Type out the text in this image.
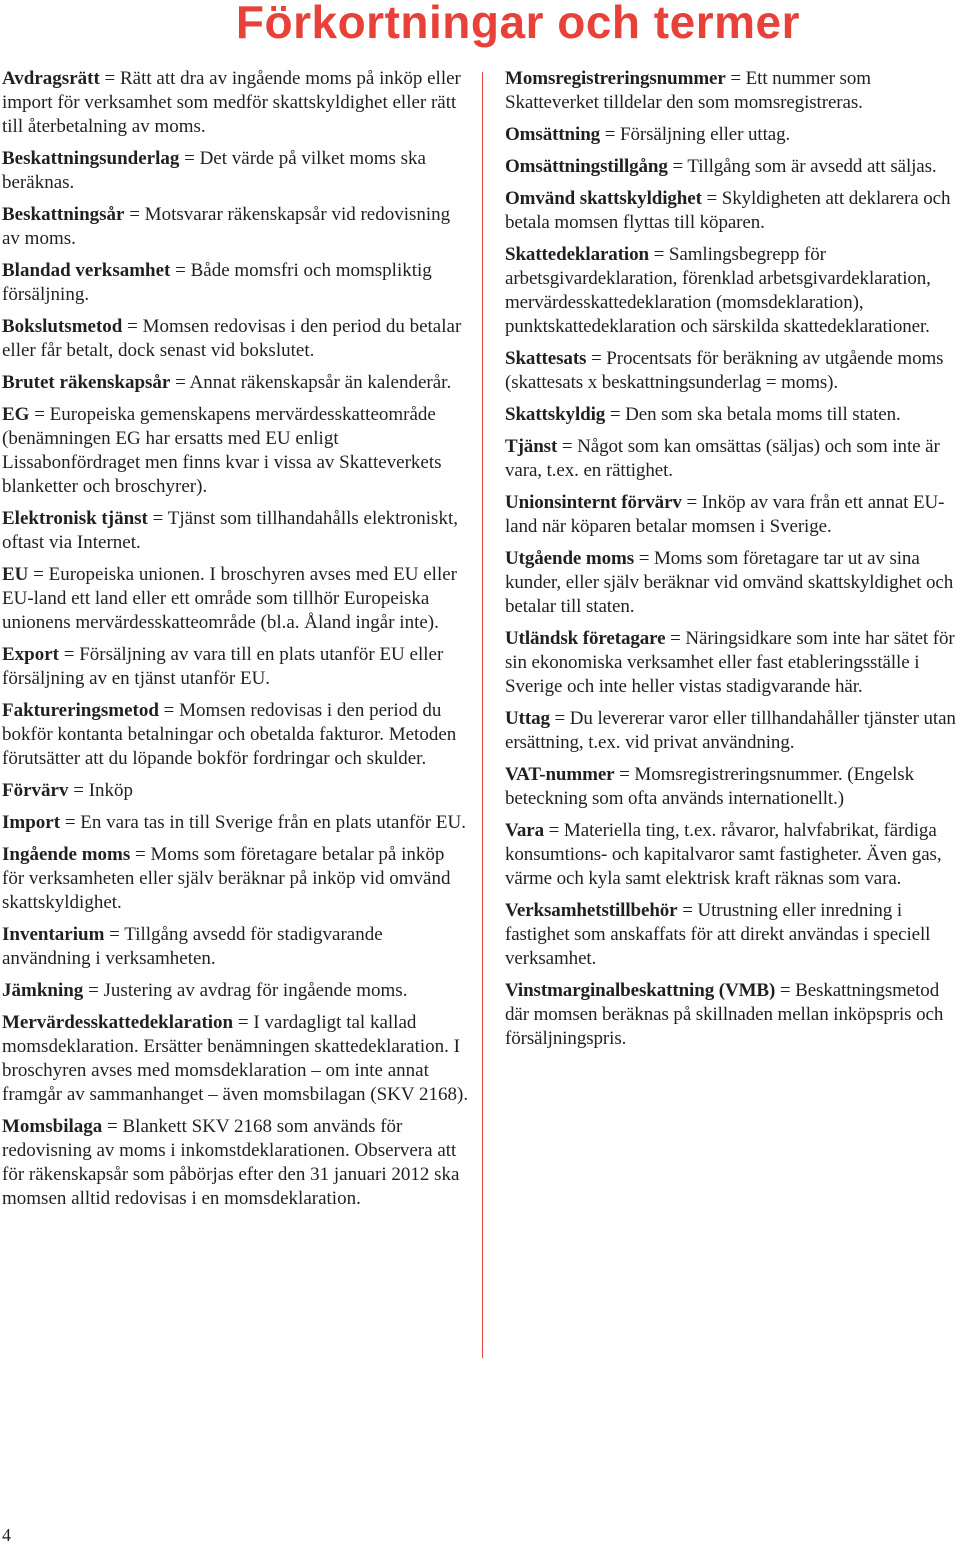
Förkortningar och termer

Avdragsrätt = Rätt att dra av ingående moms på inköp eller import för verksamhet som medför skattskyldighet eller rätt till återbetalning av moms.

Beskattningsunderlag = Det värde på vilket moms ska beräknas.

Beskattningsår = Motsvarar räkenskapsår vid redovisning av moms.

Blandad verksamhet = Både momsfri och momspliktig försäljning.

Bokslutsmetod = Momsen redovisas i den period du betalar eller får betalt, dock senast vid bokslutet.

Brutet räkenskapsår = Annat räkenskapsår än kalenderår.

EG = Europeiska gemenskapens mervärdesskatteområde (benämningen EG har ersatts med EU enligt Lissabonfördraget men finns kvar i vissa av Skatteverkets blanketter och broschyrer).

Elektronisk tjänst = Tjänst som tillhandahålls elektroniskt, oftast via Internet.

EU = Europeiska unionen. I broschyren avses med EU eller EU-land ett land eller ett område som tillhör Europeiska unionens mervärdesskatteområde (bl.a. Åland ingår inte).

Export = Försäljning av vara till en plats utanför EU eller försäljning av en tjänst utanför EU.

Faktureringsmetod = Momsen redovisas i den period du bokför kontanta betalningar och obetalda fakturor. Metoden förutsätter att du löpande bokför fordringar och skulder.

Förvärv = Inköp

Import = En vara tas in till Sverige från en plats utanför EU.

Ingående moms = Moms som företagare betalar på inköp för verksamheten eller själv beräknar på inköp vid omvänd skattskyldighet.

Inventarium = Tillgång avsedd för stadigvarande användning i verksamheten.

Jämkning = Justering av avdrag för ingående moms.

Mervärdesskattedeklaration = I vardagligt tal kallad momsdeklaration. Ersätter benämningen skattedeklaration. I broschyren avses med momsdeklaration – om inte annat framgår av sammanhanget – även momsbilagan (SKV 2168).

Momsbilaga = Blankett SKV 2168 som används för redovisning av moms i inkomstdeklarationen. Observera att för räkenskapsår som påbörjas efter den 31 januari 2012 ska momsen alltid redovisas i en momsdeklaration.

Momsregistreringsnummer = Ett nummer som Skatteverket tilldelar den som momsregistreras.

Omsättning = Försäljning eller uttag.

Omsättningstillgång = Tillgång som är avsedd att säljas.

Omvänd skattskyldighet = Skyldigheten att deklarera och betala momsen flyttas till köparen.

Skattedeklaration = Samlingsbegrepp för arbetsgivardeklaration, förenklad arbetsgivardeklaration, mervärdesskattedeklaration (momsdeklaration), punktskattedeklaration och särskilda skattedeklarationer.

Skattesats = Procentsats för beräkning av utgående moms (skattesats x beskattningsunderlag = moms).

Skattskyldig = Den som ska betala moms till staten.

Tjänst = Något som kan omsättas (säljas) och som inte är vara, t.ex. en rättighet.

Unionsinternt förvärv = Inköp av vara från ett annat EU-land när köparen betalar momsen i Sverige.

Utgående moms = Moms som företagare tar ut av sina kunder, eller själv beräknar vid omvänd skattskyldighet och betalar till staten.

Utländsk företagare = Näringsidkare som inte har sätet för sin ekonomiska verksamhet eller fast etableringsställe i Sverige och inte heller vistas stadigvarande här.

Uttag = Du levererar varor eller tillhandahåller tjänster utan ersättning, t.ex. vid privat användning.

VAT-nummer = Momsregistreringsnummer. (Engelsk beteckning som ofta används internationellt.)

Vara = Materiella ting, t.ex. råvaror, halvfabrikat, färdiga konsumtions- och kapitalvaror samt fastigheter. Även gas, värme och kyla samt elektrisk kraft räknas som vara.

Verksamhetstillbehör = Utrustning eller inredning i fastighet som anskaffats för att direkt användas i speciell verksamhet.

Vinstmarginalbeskattning (VMB) = Beskattningsmetod där momsen beräknas på skillnaden mellan inköpspris och försäljningspris.

4
